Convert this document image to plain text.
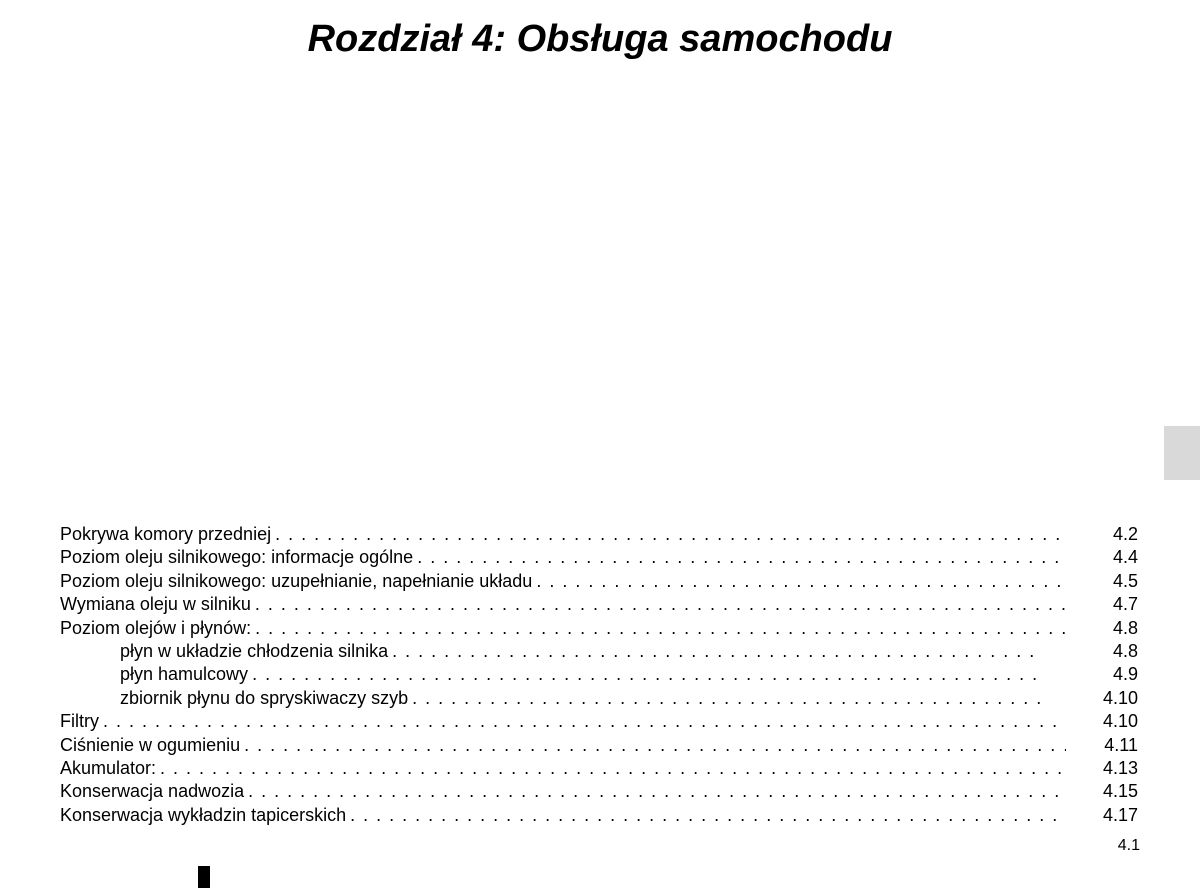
Rozdział 4: Obsługa samochodu
Pokrywa komory przedniej . . .	4.2
Poziom oleju silnikowego: informacje ogólne . . .	4.4
Poziom oleju silnikowego: uzupełnianie, napełnianie układu . . .	4.5
Wymiana oleju w silniku . . .	4.7
Poziom olejów i płynów: . . .	4.8
płyn w układzie chłodzenia silnika . . .	4.8
płyn hamulcowy . . .	4.9
zbiornik płynu do spryskiwaczy szyb . . .	4.10
Filtry . . .	4.10
Ciśnienie w ogumieniu . . .	4.11
Akumulator: . . .	4.13
Konserwacja nadwozia . . .	4.15
Konserwacja wykładzin tapicerskich . . .	4.17
4.1
